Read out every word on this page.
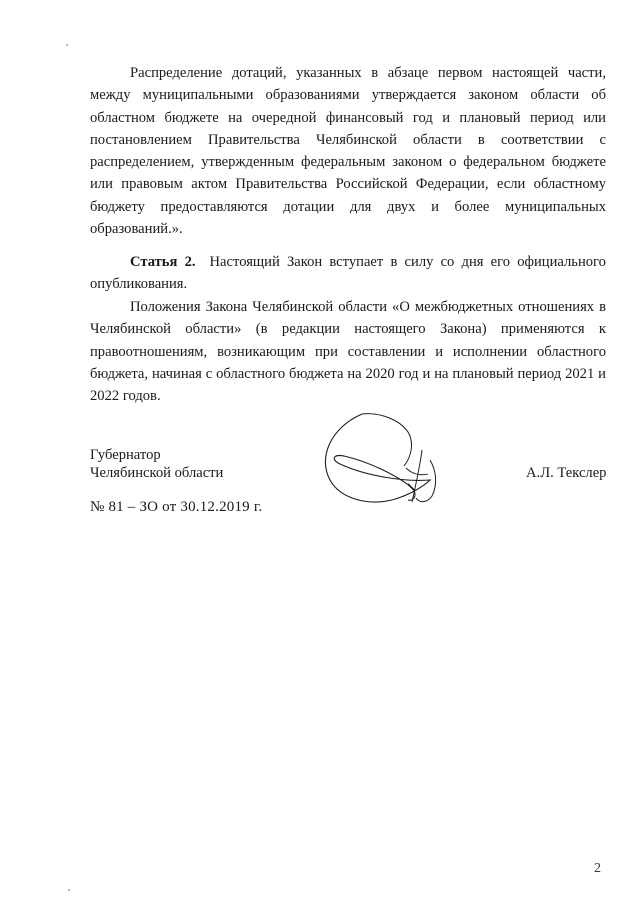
Распределение дотаций, указанных в абзаце первом настоящей части, между муниципальными образованиями утверждается законом области об областном бюджете на очередной финансовый год и плановый период или постановлением Правительства Челябинской области в соответствии с распределением, утвержденным федеральным законом о федеральном бюджете или правовым актом Правительства Российской Федерации, если областному бюджету предоставляются дотации для двух и более муниципальных образований.».

Статья 2. Настоящий Закон вступает в силу со дня его официального опубликования.

Положения Закона Челябинской области «О межбюджетных отношениях в Челябинской области» (в редакции настоящего Закона) применяются к правоотношениям, возникающим при составлении и исполнении областного бюджета, начиная с областного бюджета на 2020 год и на плановый период 2021 и 2022 годов.

Губернатор
Челябинской области	А.Л. Текслер
№ 81 – ЗО от 30.12.2019 г.
2
